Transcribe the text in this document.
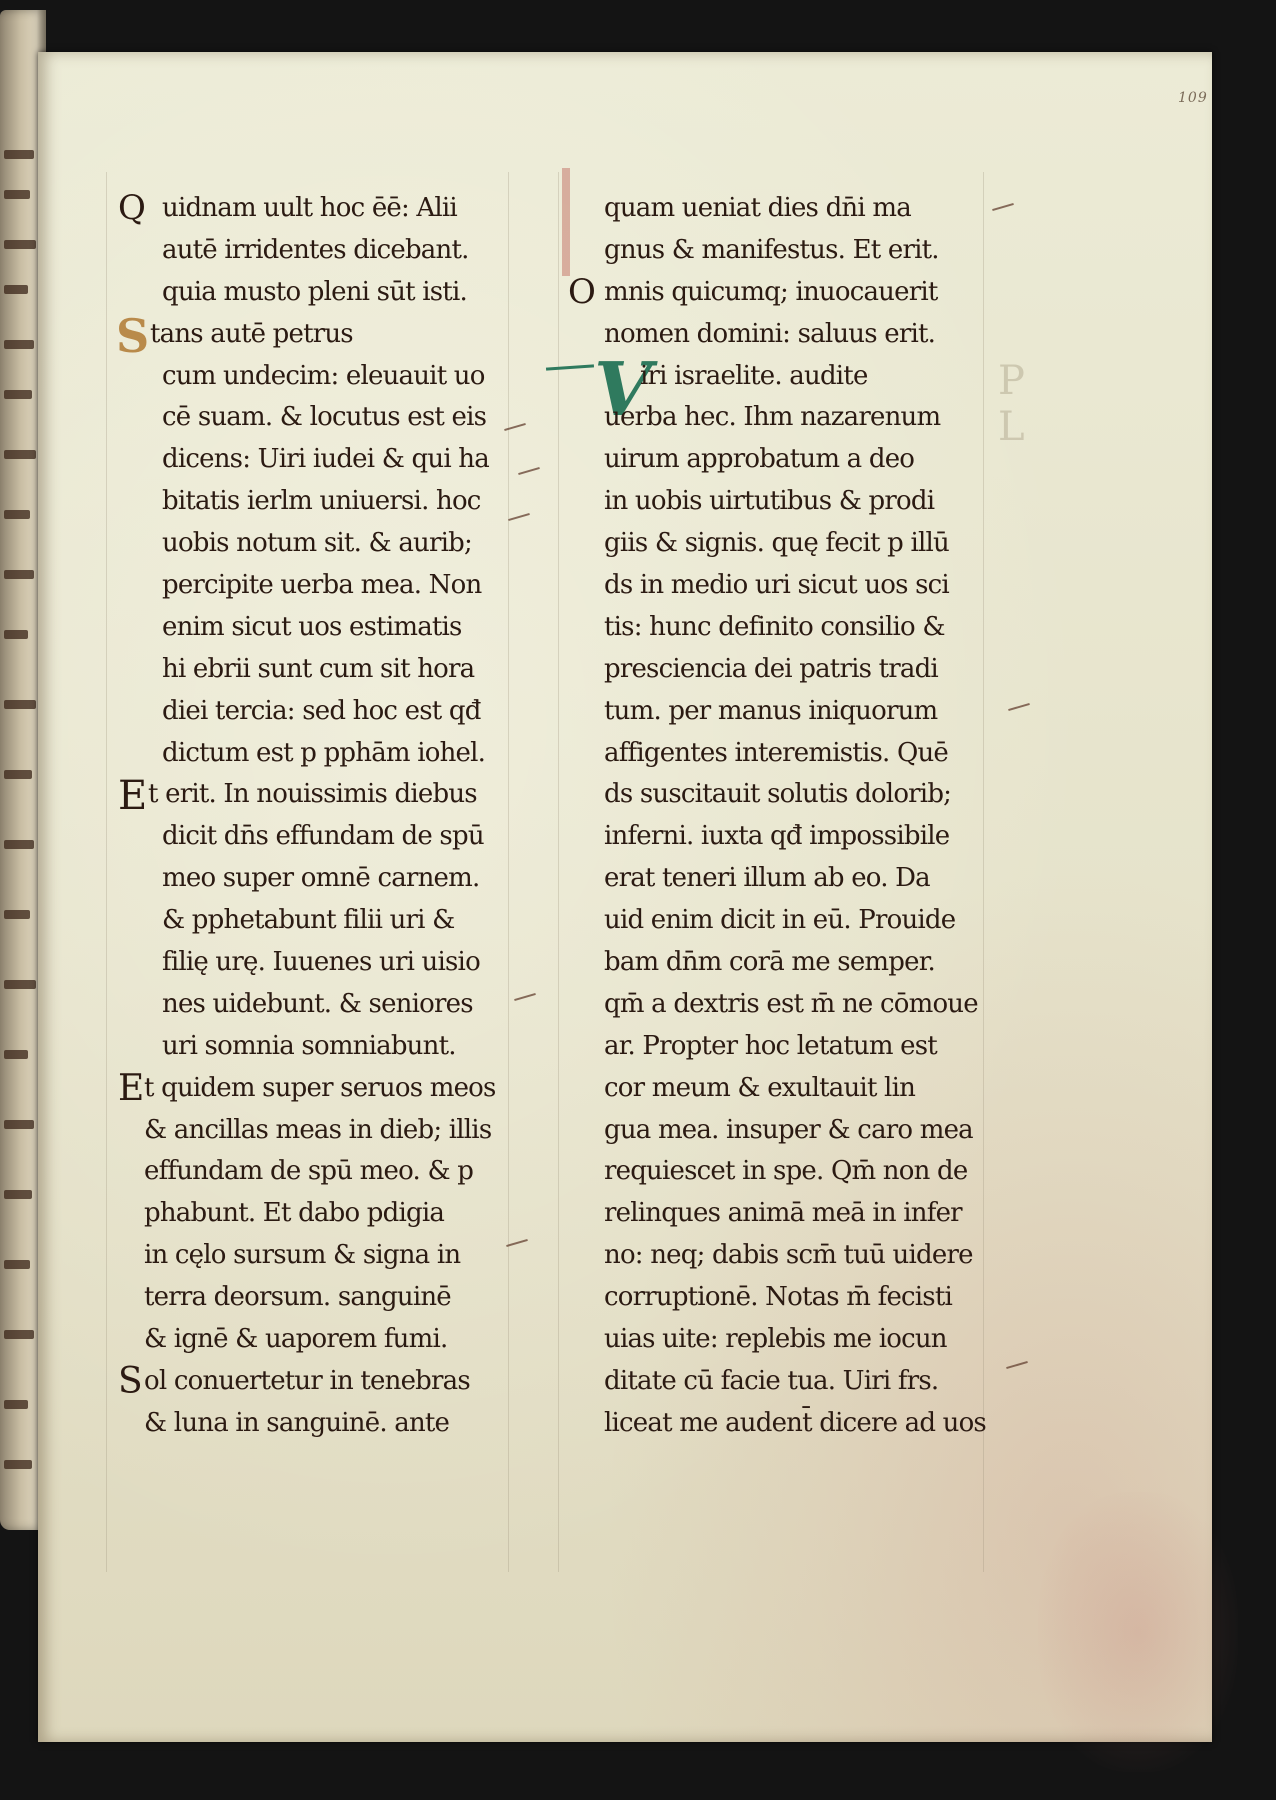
P
L
109
Q
S
E
E
S
uidnam uult hoc ēē: Alii
autē irridentes dicebant.
quia musto pleni sūt isti.
tans autē petrus
cum undecim: eleuauit uo
cē suam. & locutus est eis
dicens: Uiri iudei & qui ha
bitatis ierlm uniuersi. hoc
uobis notum sit. & aurib;
percipite uerba mea. Non
enim sicut uos estimatis
hi ebrii sunt cum sit hora
diei tercia: sed hoc est qđ
dictum est p pphām iohel.
t erit. In nouissimis diebus
dicit dn̄s effundam de spū
meo super omnē carnem.
& pphetabunt filii uri &
filię urę. Iuuenes uri uisio
nes uidebunt. & seniores
uri somnia somniabunt.
t quidem super seruos meos
& ancillas meas in dieb; illis
effundam de spū meo. & p
phabunt. Et dabo pdigia
in cęlo sursum & signa in
terra deorsum. sanguinē
& ignē & uaporem fumi.
ol conuertetur in tenebras
& luna in sanguinē. ante
O
V
quam ueniat dies dn̄i ma
gnus & manifestus. Et erit.
mnis quicumq; inuocauerit
nomen domini: saluus erit.
iri israelite. audite
uerba hec. Ihm nazarenum
uirum approbatum a deo
in uobis uirtutibus & prodi
giis & signis. quę fecit p illū
ds in medio uri sicut uos sci
tis: hunc definito consilio &
presciencia dei patris tradi
tum. per manus iniquorum
affigentes interemistis. Quē
ds suscitauit solutis dolorib;
inferni. iuxta qđ impossibile
erat teneri illum ab eo. Da
uid enim dicit in eū. Prouide
bam dn̄m corā me semper.
qm̄ a dextris est m̄ ne cōmoue
ar. Propter hoc letatum est
cor meum & exultauit lin
gua mea. insuper & caro mea
requiescet in spe. Qm̄ non de
relinques animā meā in infer
no: neq; dabis scm̄ tuū uidere
corruptionē. Notas m̄ fecisti
uias uite: replebis me iocun
ditate cū facie tua. Uiri frs.
liceat me audent̄ dicere ad uos
